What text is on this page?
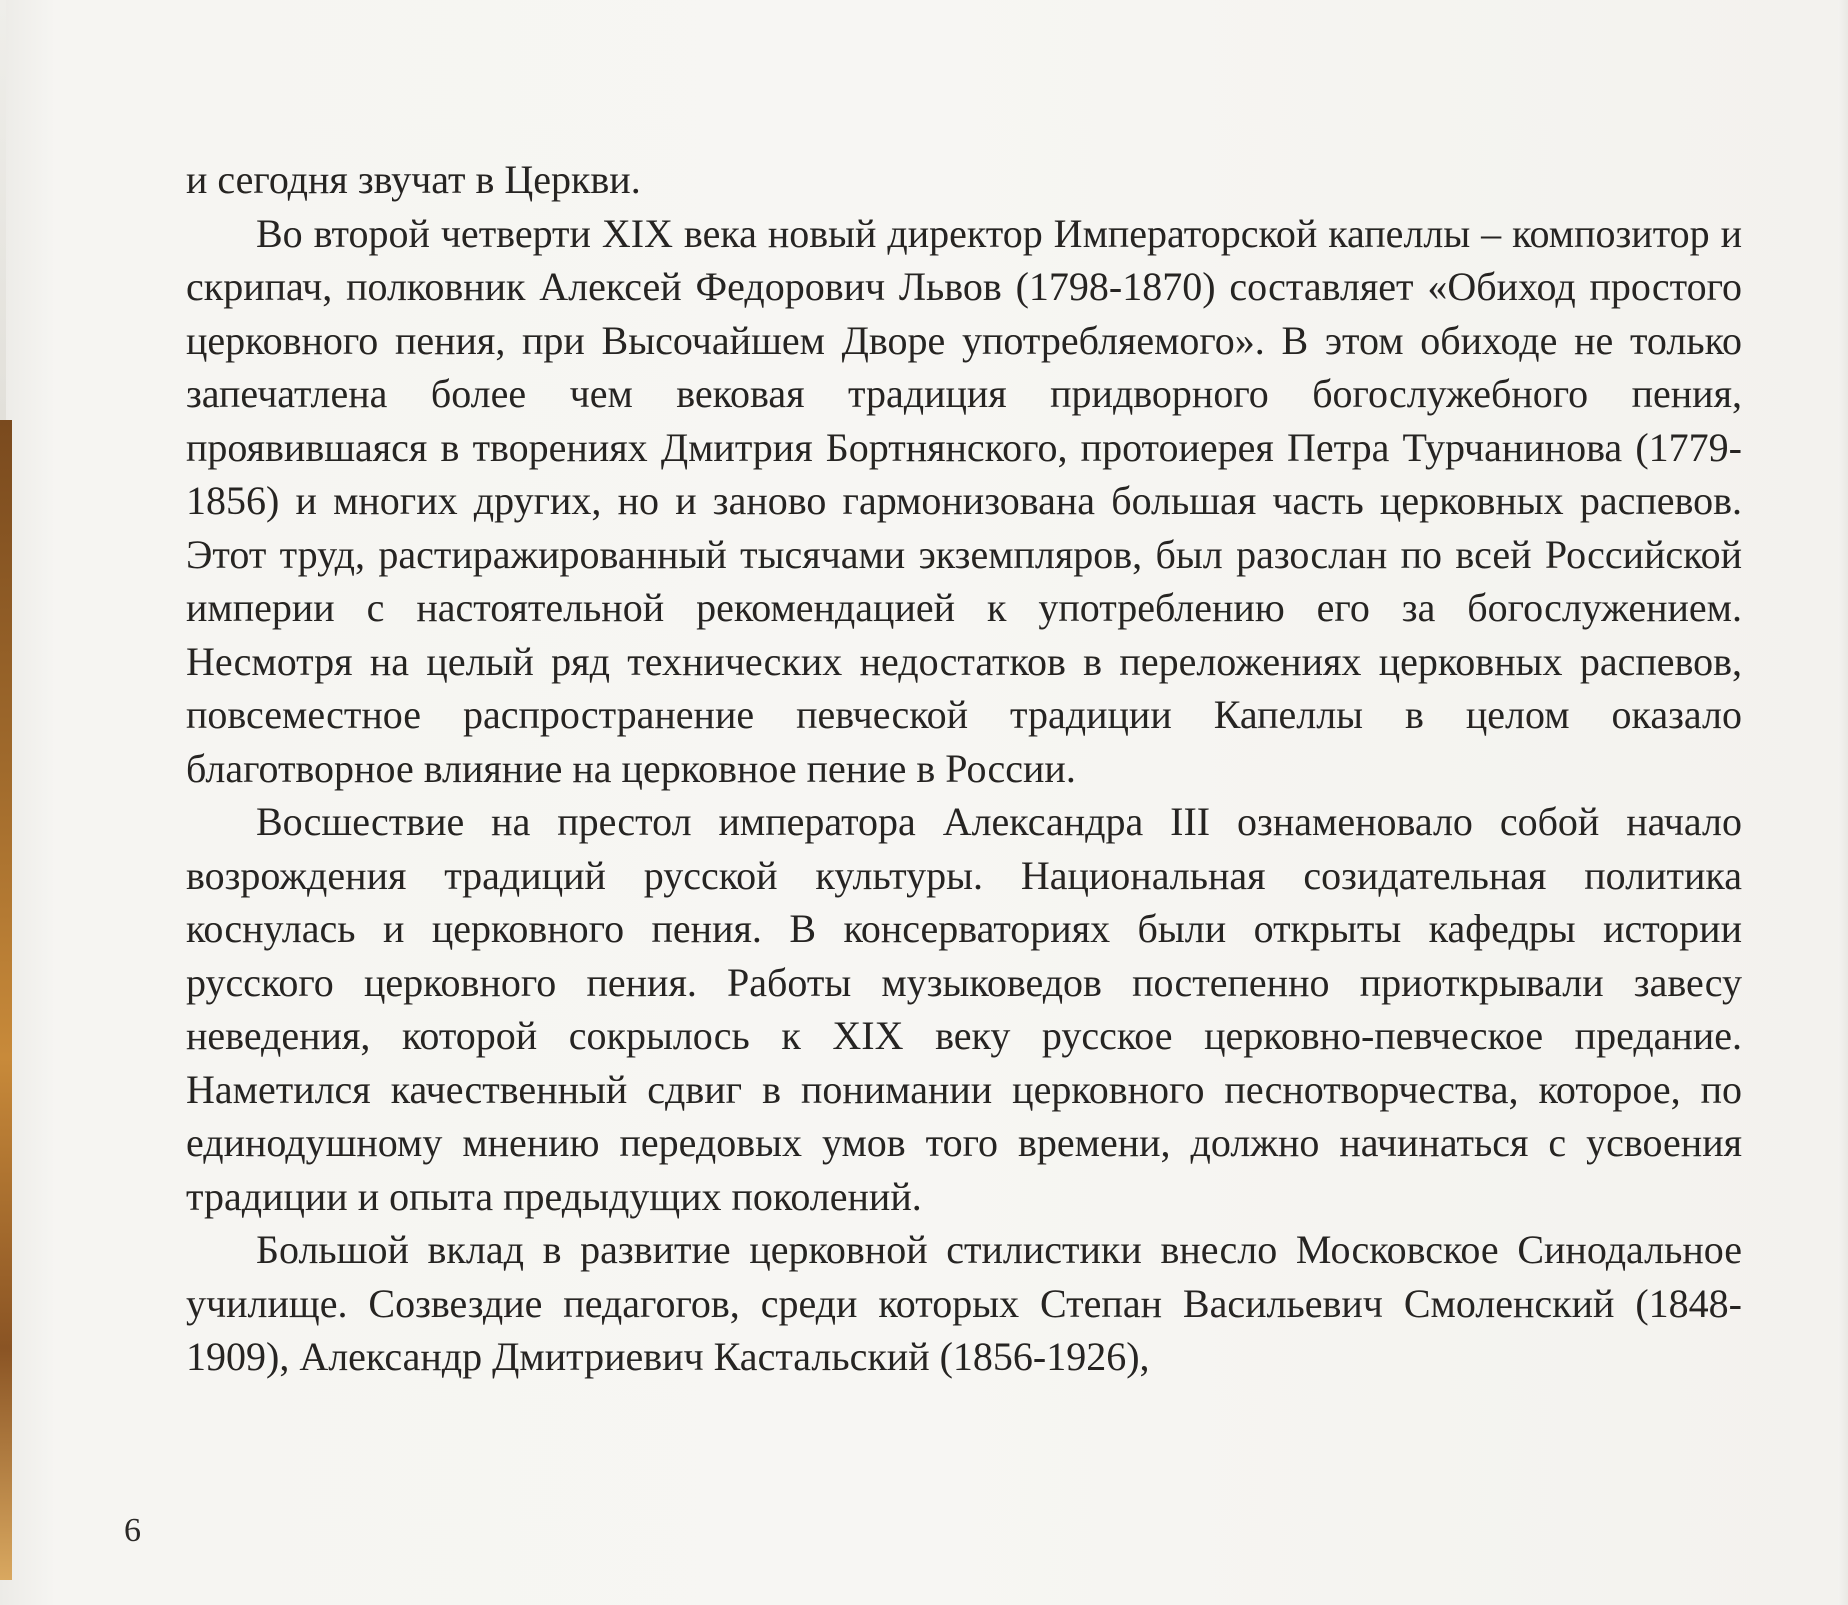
и сегодня звучат в Церкви.

Во второй четверти XIX века новый директор Императорской капеллы – композитор и скрипач, полковник Алексей Федорович Львов (1798-1870) составляет «Обиход простого церковного пения, при Высочайшем Дворе употребляемого». В этом обиходе не только запечатлена более чем вековая традиция придворного богослужебного пения, проявившаяся в творениях Дмитрия Бортнянского, протоиерея Петра Турчанинова (1779-1856) и многих других, но и заново гармонизована большая часть церковных распевов. Этот труд, растиражированный тысячами экземпляров, был разослан по всей Российской империи с настоятельной рекомендацией к употреблению его за богослужением. Несмотря на целый ряд технических недостатков в переложениях церковных распевов, повсеместное распространение певческой традиции Капеллы в целом оказало благотворное влияние на церковное пение в России.

Восшествие на престол императора Александра III ознаменовало собой начало возрождения традиций русской культуры. Национальная созидательная политика коснулась и церковного пения. В консерваториях были открыты кафедры истории русского церковного пения. Работы музыковедов постепенно приоткрывали завесу неведения, которой сокрылось к XIX веку русское церковно-певческое предание. Наметился качественный сдвиг в понимании церковного песнотворчества, которое, по единодушному мнению передовых умов того времени, должно начинаться с усвоения традиции и опыта предыдущих поколений.

Большой вклад в развитие церковной стилистики внесло Московское Синодальное училище. Созвездие педагогов, среди которых Степан Васильевич Смоленский (1848-1909), Александр Дмитриевич Кастальский (1856-1926),

6
